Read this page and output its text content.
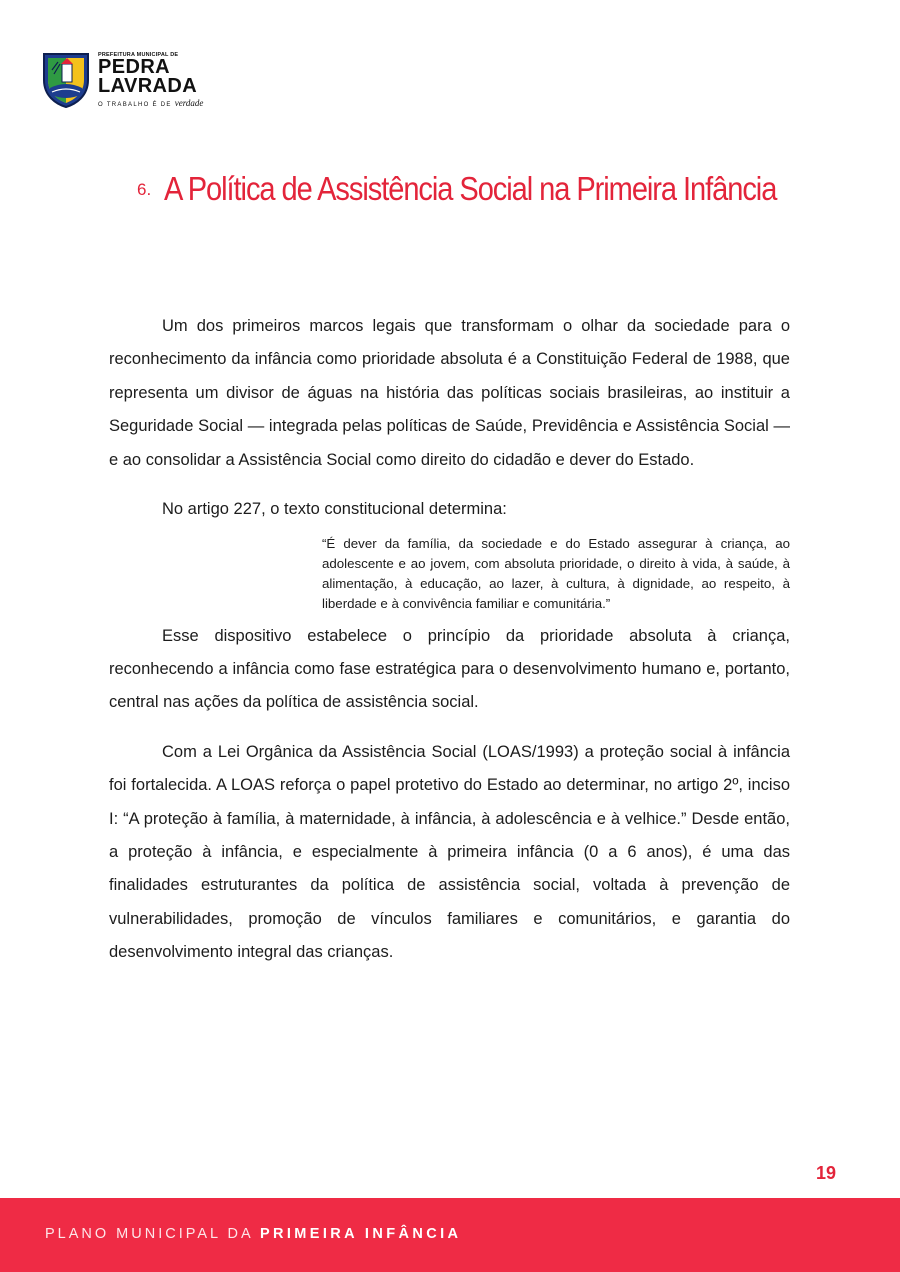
PREFEITURA MUNICIPAL DE
PEDRA
LAVRADA
O TRABALHO É DE verdade
6. A Política de Assistência Social na Primeira Infância

Um dos primeiros marcos legais que transformam o olhar da sociedade para o reconhecimento da infância como prioridade absoluta é a Constituição Federal de 1988, que representa um divisor de águas na história das políticas sociais brasileiras, ao instituir a Seguridade Social — integrada pelas políticas de Saúde, Previdência e Assistência Social — e ao consolidar a Assistência Social como direito do cidadão e dever do Estado.

No artigo 227, o texto constitucional determina:

“É dever da família, da sociedade e do Estado assegurar à criança, ao adolescente e ao jovem, com absoluta prioridade, o direito à vida, à saúde, à alimentação, à educação, ao lazer, à cultura, à dignidade, ao respeito, à liberdade e à convivência familiar e comunitária.”

Esse dispositivo estabelece o princípio da prioridade absoluta à criança, reconhecendo a infância como fase estratégica para o desenvolvimento humano e, portanto, central nas ações da política de assistência social.

Com a Lei Orgânica da Assistência Social (LOAS/1993) a proteção social à infância foi fortalecida. A LOAS reforça o papel protetivo do Estado ao determinar, no artigo 2º, inciso I: “A proteção à família, à maternidade, à infância, à adolescência e à velhice.” Desde então, a proteção à infância, e especialmente à primeira infância (0 a 6 anos), é uma das finalidades estruturantes da política de assistência social, voltada à prevenção de vulnerabilidades, promoção de vínculos familiares e comunitários, e garantia do desenvolvimento integral das crianças.

19
PLANO MUNICIPAL DA PRIMEIRA INFÂNCIA
